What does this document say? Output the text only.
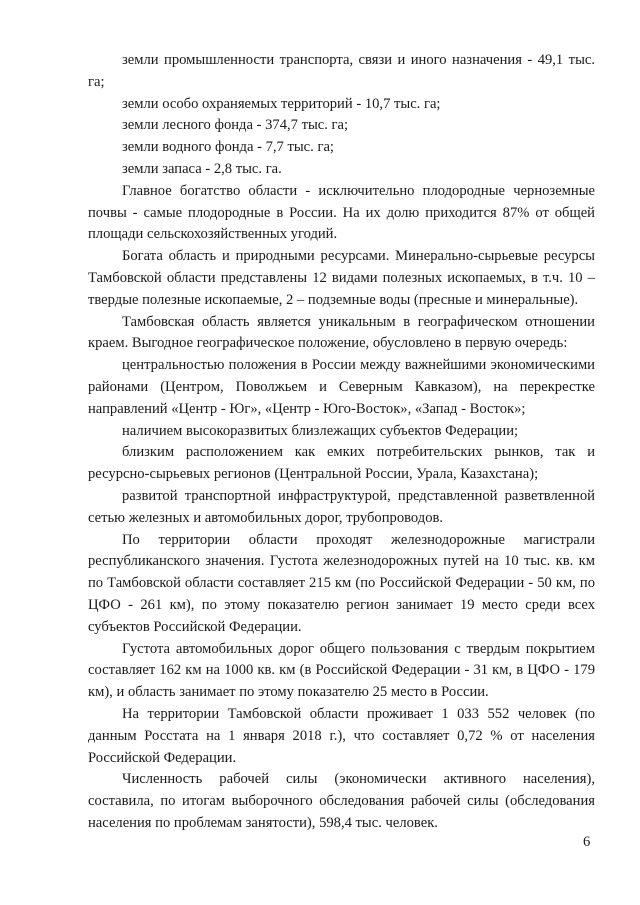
земли промышленности транспорта, связи и иного назначения - 49,1 тыс. га;

земли особо охраняемых территорий - 10,7 тыс. га;

земли лесного фонда - 374,7 тыс. га;

земли водного фонда - 7,7 тыс. га;

земли запаса - 2,8 тыс. га.

Главное богатство области - исключительно плодородные черноземные почвы - самые плодородные в России. На их долю приходится 87% от общей площади сельскохозяйственных угодий.

Богата область и природными ресурсами. Минерально-сырьевые ресурсы Тамбовской области представлены 12 видами полезных ископаемых, в т.ч. 10 – твердые полезные ископаемые, 2 – подземные воды (пресные и минеральные).

Тамбовская область является уникальным в географическом отношении краем. Выгодное географическое положение, обусловлено в первую очередь:

центральностью положения в России между важнейшими экономическими районами (Центром, Поволжьем и Северным Кавказом), на перекрестке направлений «Центр - Юг», «Центр - Юго-Восток», «Запад - Восток»;

наличием высокоразвитых близлежащих субъектов Федерации;

близким расположением как емких потребительских рынков, так и ресурсно-сырьевых регионов (Центральной России, Урала, Казахстана);

развитой транспортной инфраструктурой, представленной разветвленной сетью железных и автомобильных дорог, трубопроводов.

По территории области проходят железнодорожные магистрали республиканского значения. Густота железнодорожных путей на 10 тыс. кв. км по Тамбовской области составляет 215 км (по Российской Федерации - 50 км, по ЦФО - 261 км), по этому показателю регион занимает 19 место среди всех субъектов Российской Федерации.

Густота автомобильных дорог общего пользования с твердым покрытием составляет 162 км на 1000 кв. км (в Российской Федерации - 31 км, в ЦФО - 179 км), и область занимает по этому показателю 25 место в России.

На территории Тамбовской области проживает 1 033 552 человек (по данным Росстата на 1 января 2018 г.), что составляет 0,72 % от населения Российской Федерации.

Численность рабочей силы (экономически активного населения), составила, по итогам выборочного обследования рабочей силы (обследования населения по проблемам занятости), 598,4 тыс. человек.

6
